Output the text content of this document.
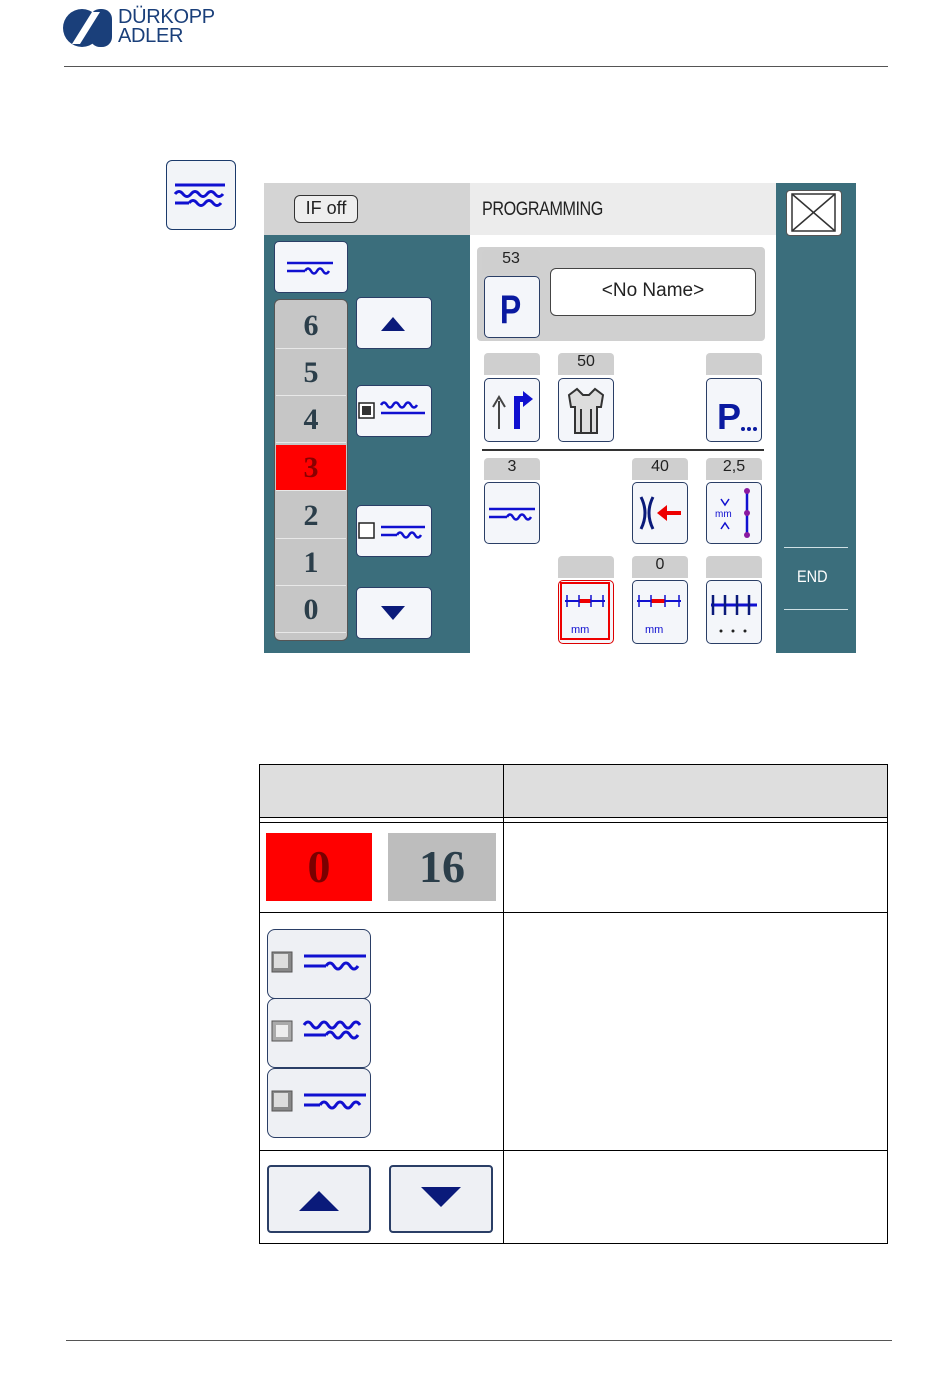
DÜRKOPP
ADLER
IF off	PROGRAMMING
6
5
4
3
2
1
0
END
53
P	<No Name>
50
P
3	40	2,5
mm
mm
0
mm
0	16
